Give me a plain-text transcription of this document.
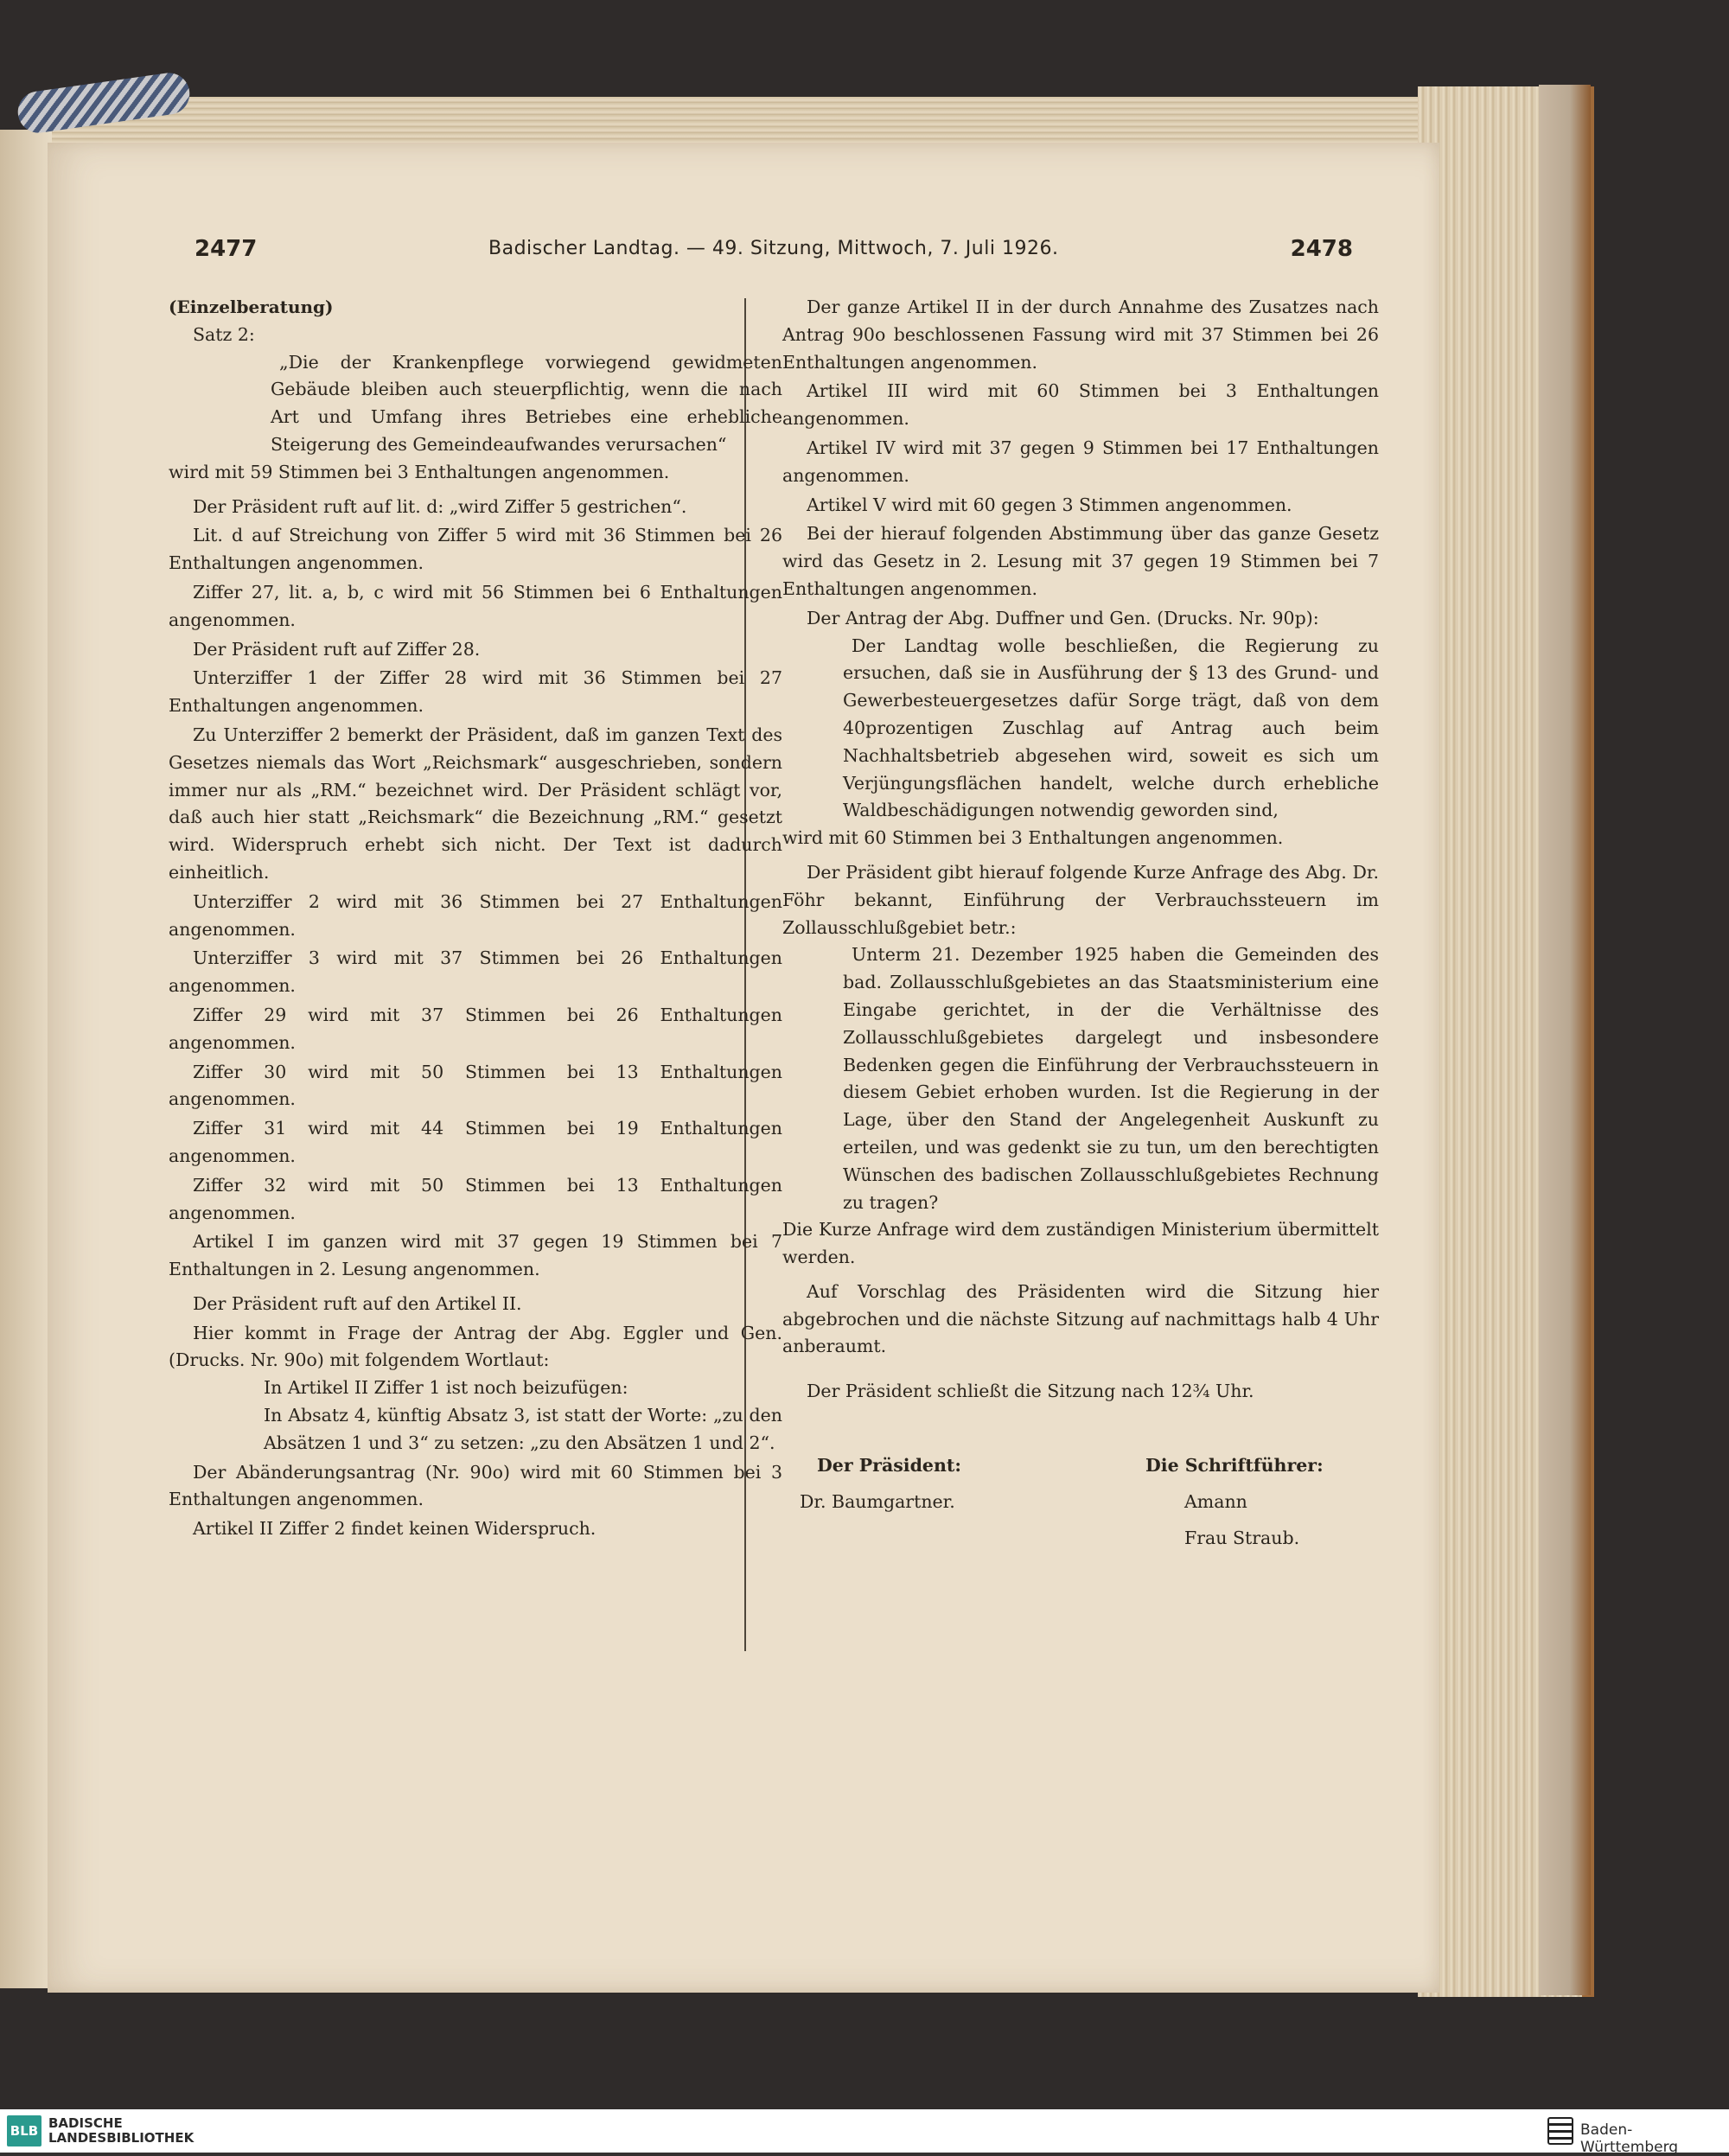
2477	Badischer Landtag. — 49. Sitzung, Mittwoch, 7. Juli 1926.	2478

(Einzelberatung)

Satz 2:

„Die der Krankenpflege vorwiegend gewidmeten Gebäude bleiben auch steuerpflichtig, wenn die nach Art und Umfang ihres Betriebes eine erhebliche Steigerung des Gemeindeaufwandes verursachen“

wird mit 59 Stimmen bei 3 Enthaltungen angenommen.

Der Präsident ruft auf lit. d: „wird Ziffer 5 gestrichen“.

Lit. d auf Streichung von Ziffer 5 wird mit 36 Stimmen bei 26 Enthaltungen angenommen.

Ziffer 27, lit. a, b, c wird mit 56 Stimmen bei 6 Enthaltungen angenommen.

Der Präsident ruft auf Ziffer 28.

Unterziffer 1 der Ziffer 28 wird mit 36 Stimmen bei 27 Enthaltungen angenommen.

Zu Unterziffer 2 bemerkt der Präsident, daß im ganzen Text des Gesetzes niemals das Wort „Reichsmark“ ausgeschrieben, sondern immer nur als „RM.“ bezeichnet wird. Der Präsident schlägt vor, daß auch hier statt „Reichsmark“ die Bezeichnung „RM.“ gesetzt wird. Widerspruch erhebt sich nicht. Der Text ist dadurch einheitlich.

Unterziffer 2 wird mit 36 Stimmen bei 27 Enthaltungen angenommen.

Unterziffer 3 wird mit 37 Stimmen bei 26 Enthaltungen angenommen.

Ziffer 29 wird mit 37 Stimmen bei 26 Enthaltungen angenommen.

Ziffer 30 wird mit 50 Stimmen bei 13 Enthaltungen angenommen.

Ziffer 31 wird mit 44 Stimmen bei 19 Enthaltungen angenommen.

Ziffer 32 wird mit 50 Stimmen bei 13 Enthaltungen angenommen.

Artikel I im ganzen wird mit 37 gegen 19 Stimmen bei 7 Enthaltungen in 2. Lesung angenommen.

Der Präsident ruft auf den Artikel II.

Hier kommt in Frage der Antrag der Abg. Eggler und Gen. (Drucks. Nr. 90o) mit folgendem Wortlaut:

In Artikel II Ziffer 1 ist noch beizufügen:

In Absatz 4, künftig Absatz 3, ist statt der Worte: „zu den Absätzen 1 und 3“ zu setzen: „zu den Absätzen 1 und 2“.

Der Abänderungsantrag (Nr. 90o) wird mit 60 Stimmen bei 3 Enthaltungen angenommen.

Artikel II Ziffer 2 findet keinen Widerspruch.

Der ganze Artikel II in der durch Annahme des Zusatzes nach Antrag 90o beschlossenen Fassung wird mit 37 Stimmen bei 26 Enthaltungen angenommen.

Artikel III wird mit 60 Stimmen bei 3 Enthaltungen angenommen.

Artikel IV wird mit 37 gegen 9 Stimmen bei 17 Enthaltungen angenommen.

Artikel V wird mit 60 gegen 3 Stimmen angenommen.

Bei der hierauf folgenden Abstimmung über das ganze Gesetz wird das Gesetz in 2. Lesung mit 37 gegen 19 Stimmen bei 7 Enthaltungen angenommen.

Der Antrag der Abg. Duffner und Gen. (Drucks. Nr. 90p):

Der Landtag wolle beschließen, die Regierung zu ersuchen, daß sie in Ausführung der § 13 des Grund- und Gewerbesteuergesetzes dafür Sorge trägt, daß von dem 40prozentigen Zuschlag auf Antrag auch beim Nachhaltsbetrieb abgesehen wird, soweit es sich um Verjüngungsflächen handelt, welche durch erhebliche Waldbeschädigungen notwendig geworden sind,

wird mit 60 Stimmen bei 3 Enthaltungen angenommen.

Der Präsident gibt hierauf folgende Kurze Anfrage des Abg. Dr. Föhr bekannt, Einführung der Verbrauchssteuern im Zollausschlußgebiet betr.:

Unterm 21. Dezember 1925 haben die Gemeinden des bad. Zollausschlußgebietes an das Staatsministerium eine Eingabe gerichtet, in der die Verhältnisse des Zollausschlußgebietes dargelegt und insbesondere Bedenken gegen die Einführung der Verbrauchssteuern in diesem Gebiet erhoben wurden. Ist die Regierung in der Lage, über den Stand der Angelegenheit Auskunft zu erteilen, und was gedenkt sie zu tun, um den berechtigten Wünschen des badischen Zollausschlußgebietes Rechnung zu tragen?

Die Kurze Anfrage wird dem zuständigen Ministerium übermittelt werden.

Auf Vorschlag des Präsidenten wird die Sitzung hier abgebrochen und die nächste Sitzung auf nachmittags halb 4 Uhr anberaumt.

Der Präsident schließt die Sitzung nach 12¾ Uhr.

Der Präsident:	Die Schriftführer:
Dr. Baumgartner.	Amann
Frau Straub.
BLB BADISCHE
LANDESBIBLIOTHEK	Baden-Württemberg
